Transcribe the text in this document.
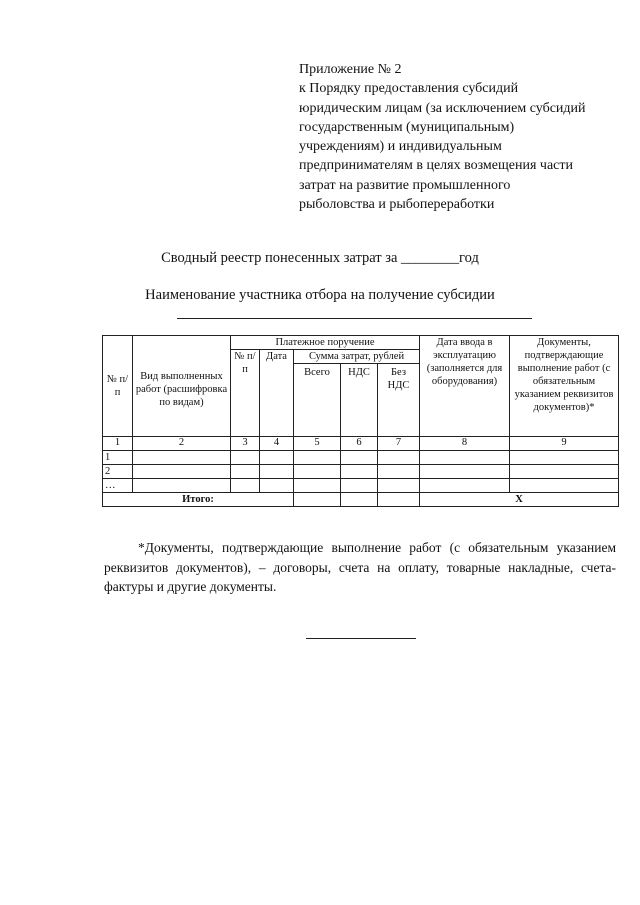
Приложение № 2
к Порядку предоставления субсидий
юридическим лицам (за исключением субсидий
государственным (муниципальным)
учреждениям) и индивидуальным
предпринимателям в целях возмещения части
затрат на развитие промышленного
рыболовства и рыбопереработки
Сводный реестр понесенных затрат за ________год
Наименование участника отбора на получение субсидии
№ п/п	Вид выполненных работ (расшифровка по видам)	Платежное поручение					Дата ввода в эксплуатацию (заполняется для оборудования)	Документы, подтверждающие выполнение работ (с обязательным указанием реквизитов документов)*
		№ п/п	Дата	Сумма затрат, рублей				
				Всего	НДС	Без НДС		
1	2	3	4	5	6	7	8	9
1								
2								
…								
Итого:							X	
*Документы, подтверждающие выполнение работ (с обязательным указанием реквизитов документов), – договоры, счета на оплату, товарные накладные, счета-фактуры и другие документы.
